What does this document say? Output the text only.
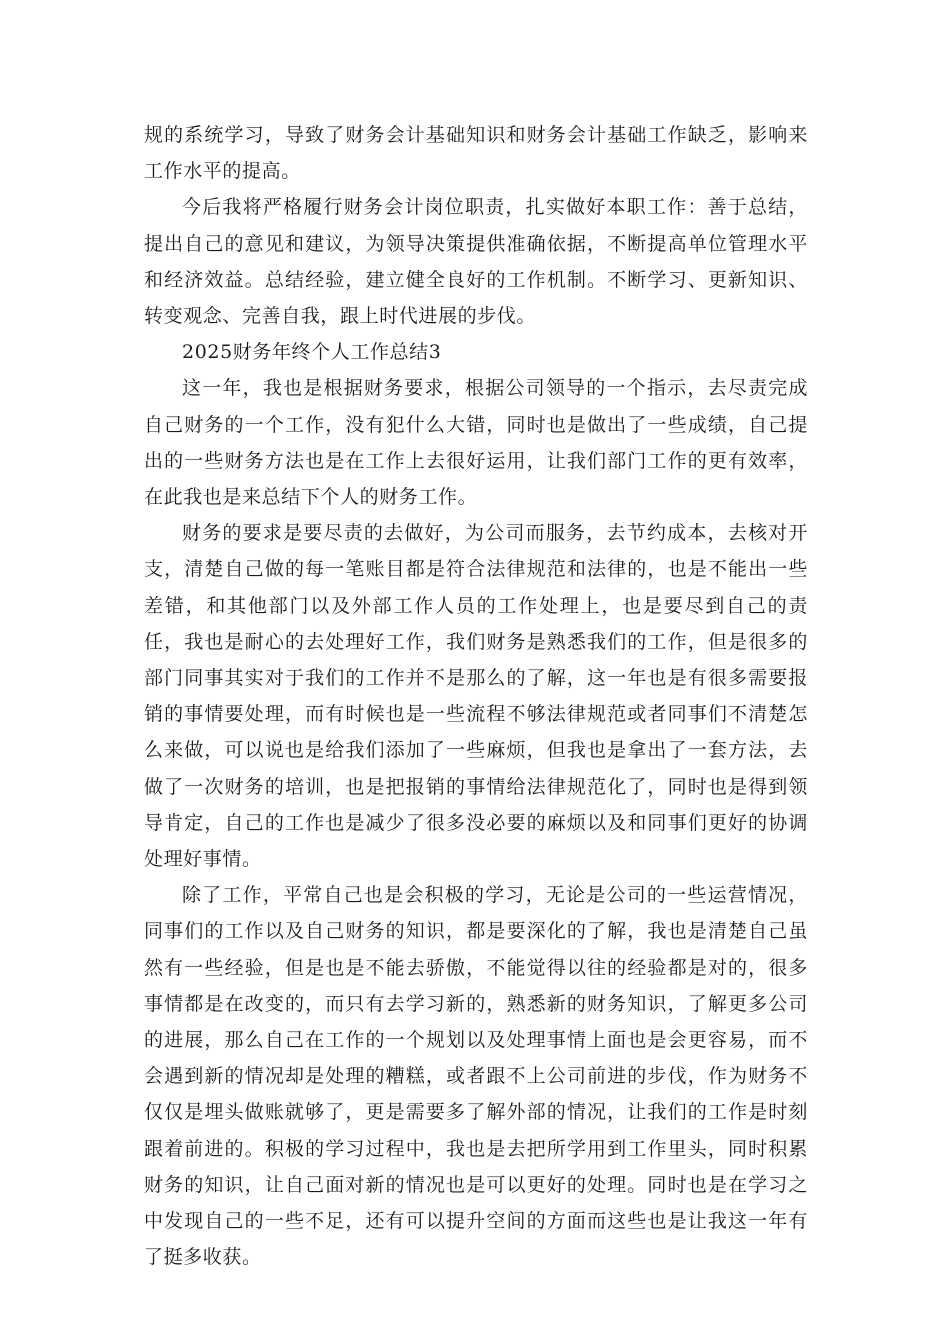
规的系统学习，导致了财务会计基础知识和财务会计基础工作缺乏，影响来工作水平的提高。

今后我将严格履行财务会计岗位职责，扎实做好本职工作：善于总结，提出自己的意见和建议，为领导决策提供准确依据，不断提高单位管理水平和经济效益。总结经验，建立健全良好的工作机制。不断学习、更新知识、转变观念、完善自我，跟上时代进展的步伐。

2025财务年终个人工作总结3

这一年，我也是根据财务要求，根据公司领导的一个指示，去尽责完成自己财务的一个工作，没有犯什么大错，同时也是做出了一些成绩，自己提出的一些财务方法也是在工作上去很好运用，让我们部门工作的更有效率，在此我也是来总结下个人的财务工作。

财务的要求是要尽责的去做好，为公司而服务，去节约成本，去核对开支，清楚自己做的每一笔账目都是符合法律规范和法律的，也是不能出一些差错，和其他部门以及外部工作人员的工作处理上，也是要尽到自己的责任，我也是耐心的去处理好工作，我们财务是熟悉我们的工作，但是很多的部门同事其实对于我们的工作并不是那么的了解，这一年也是有很多需要报销的事情要处理，而有时候也是一些流程不够法律规范或者同事们不清楚怎么来做，可以说也是给我们添加了一些麻烦，但我也是拿出了一套方法，去做了一次财务的培训，也是把报销的事情给法律规范化了，同时也是得到领导肯定，自己的工作也是减少了很多没必要的麻烦以及和同事们更好的协调处理好事情。

除了工作，平常自己也是会积极的学习，无论是公司的一些运营情况，同事们的工作以及自己财务的知识，都是要深化的了解，我也是清楚自己虽然有一些经验，但是也是不能去骄傲，不能觉得以往的经验都是对的，很多事情都是在改变的，而只有去学习新的，熟悉新的财务知识，了解更多公司的进展，那么自己在工作的一个规划以及处理事情上面也是会更容易，而不会遇到新的情况却是处理的糟糕，或者跟不上公司前进的步伐，作为财务不仅仅是埋头做账就够了，更是需要多了解外部的情况，让我们的工作是时刻跟着前进的。积极的学习过程中，我也是去把所学用到工作里头，同时积累财务的知识，让自己面对新的情况也是可以更好的处理。同时也是在学习之中发现自己的一些不足，还有可以提升空间的方面而这些也是让我这一年有了挺多收获。
